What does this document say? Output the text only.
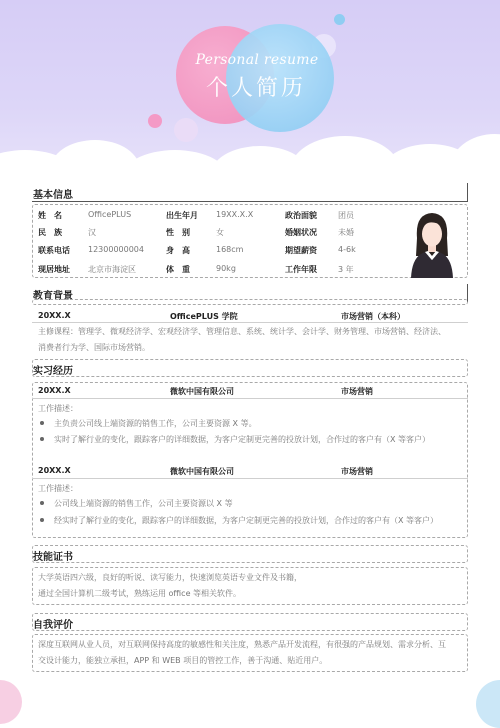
Personal resume
个人简历
基本信息
姓　名	OfficePLUS	出生年月 19XX.X.X	政治面貌	团员
民　族	汉	性　别	女	婚姻状况	未婚
联系电话 12300000004	身　高	168cm	期望薪资	4-6k
现居地址 北京市海淀区	体　重	90kg	工作年限	3 年
教育背景
20XX.X	OfficePLUS 学院	市场营销（本科）
主修课程：管理学、微观经济学、宏观经济学、管理信息、系统、统计学、会计学、财务管理、市场营销、经济法、
消费者行为学、国际市场营销。
实习经历
20XX.X	微软中国有限公司	市场营销
工作描述：
主负责公司线上端资源的销售工作，公司主要资源 X 等。
实时了解行业的变化，跟踪客户的详细数据，为客户定制更完善的投放计划，合作过的客户有（X 等客户）
20XX.X	微软中国有限公司	市场营销
工作描述：
公司线上端资源的销售工作，公司主要资源以 X 等
经实时了解行业的变化，跟踪客户的详细数据，为客户定制更完善的投放计划，合作过的客户有（X 等客户）
技能证书
大学英语四六级，良好的听说、读写能力，快速浏览英语专业文件及书籍，
通过全国计算机二级考试，熟练运用 office 等相关软件。
自我评价
深度互联网从业人员，对互联网保持高度的敏感性和关注度，熟悉产品开发流程，有很强的产品规划、需求分析、互
交设计能力，能独立承担，APP 和 WEB 项目的管控工作，善于沟通、贴近用户。
